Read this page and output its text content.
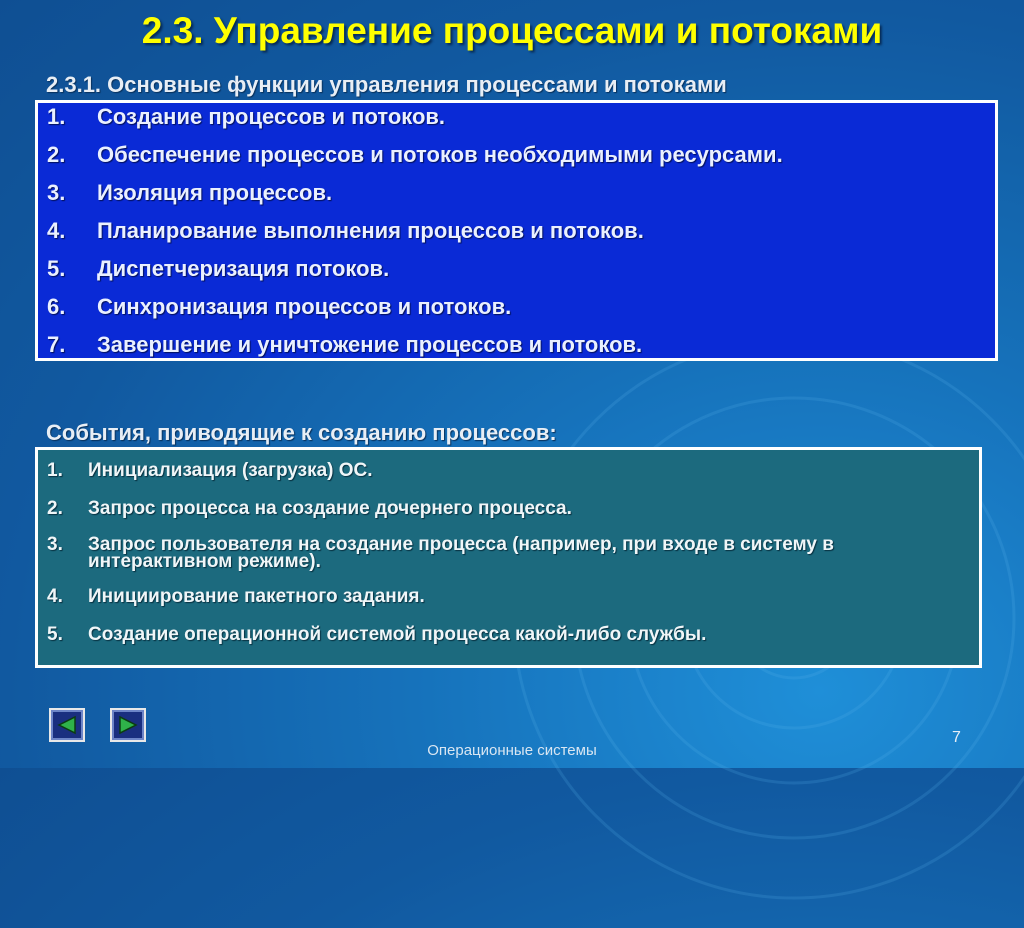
2.3. Управление процессами и потоками
2.3.1. Основные функции управления процессами и потоками
1. Создание процессов и потоков.
2. Обеспечение процессов и потоков необходимыми ресурсами.
3. Изоляция процессов.
4. Планирование выполнения процессов и потоков.
5. Диспетчеризация потоков.
6. Синхронизация процессов и потоков.
7. Завершение и уничтожение процессов и потоков.
События, приводящие к созданию процессов:
1. Инициализация (загрузка) ОС.
2. Запрос процесса на создание дочернего процесса.
3. Запрос пользователя на создание процесса (например, при входе в систему в интерактивном режиме).
4. Инициирование пакетного задания.
5. Создание операционной системой процесса какой-либо службы.
7
Операционные системы
